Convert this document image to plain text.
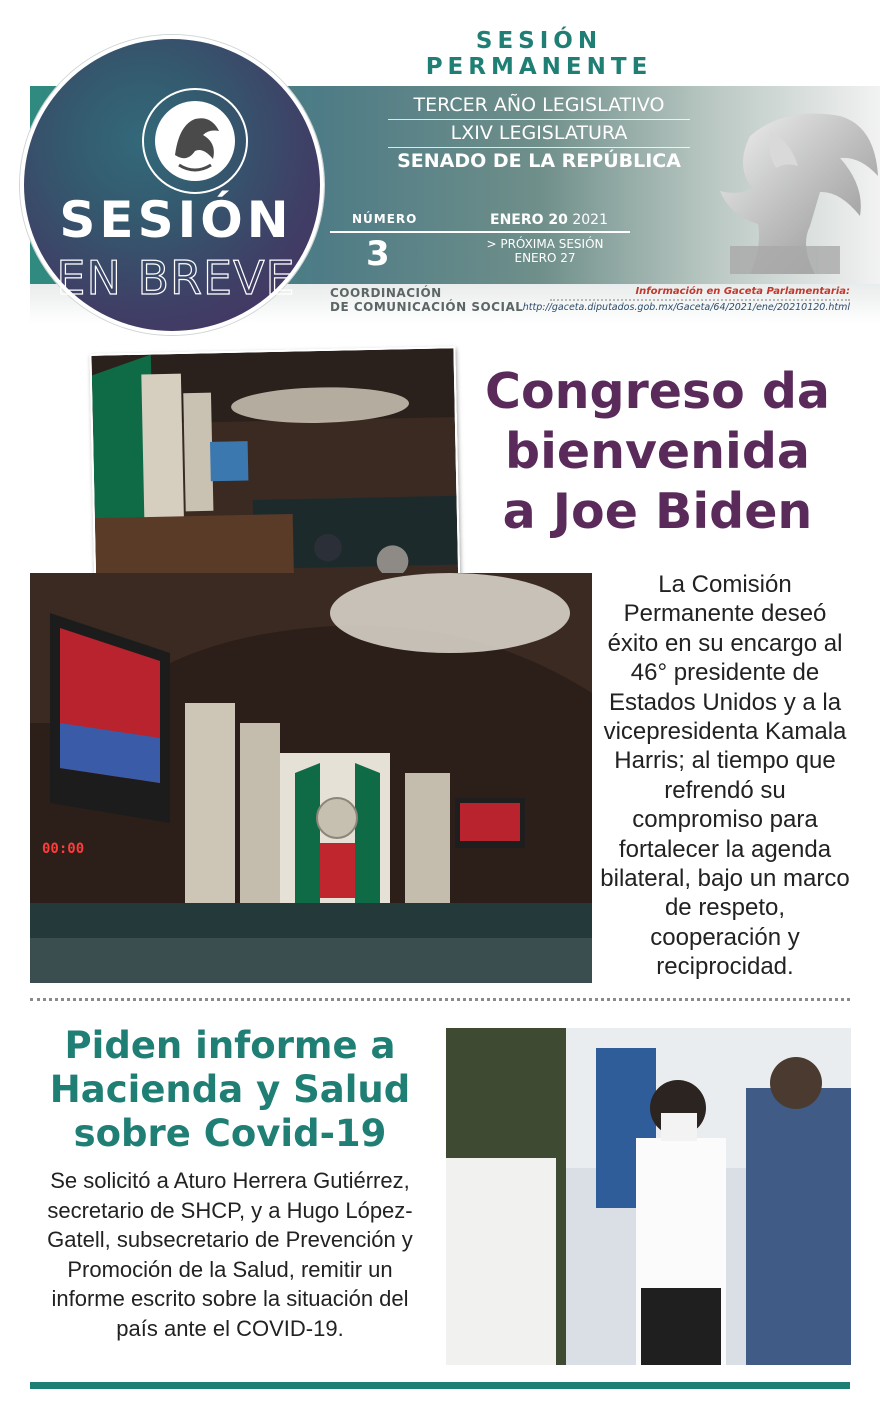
SESIÓN
EN BREVE
SESIÓN PERMANENTE
TERCER AÑO LEGISLATIVO
LXIV LEGISLATURA
SENADO DE LA REPÚBLICA
NÚMERO
3
ENERO 20 2021
> PRÓXIMA SESIÓN
ENERO 27
COORDINACIÓN
DE COMUNICACIÓN SOCIAL
Información en Gaceta Parlamentaria:
http://gaceta.diputados.gob.mx/Gaceta/64/2021/ene/20210120.html
Congreso da
bienvenida
a Joe Biden
00:00
La Comisión Permanente deseó éxito en su encargo al 46° presidente de Estados Unidos y a la vicepresidenta Kamala Harris; al tiempo que refrendó su compromiso para fortalecer la agenda bilateral, bajo un marco de respeto, cooperación y reciprocidad.
Piden informe a
Hacienda y Salud
sobre Covid-19
Se solicitó a Aturo Herrera Gutiérrez, secretario de SHCP, y a Hugo López-Gatell, subsecretario de Prevención y Promoción de la Salud, remitir un informe escrito sobre la situación del país ante el COVID-19.
